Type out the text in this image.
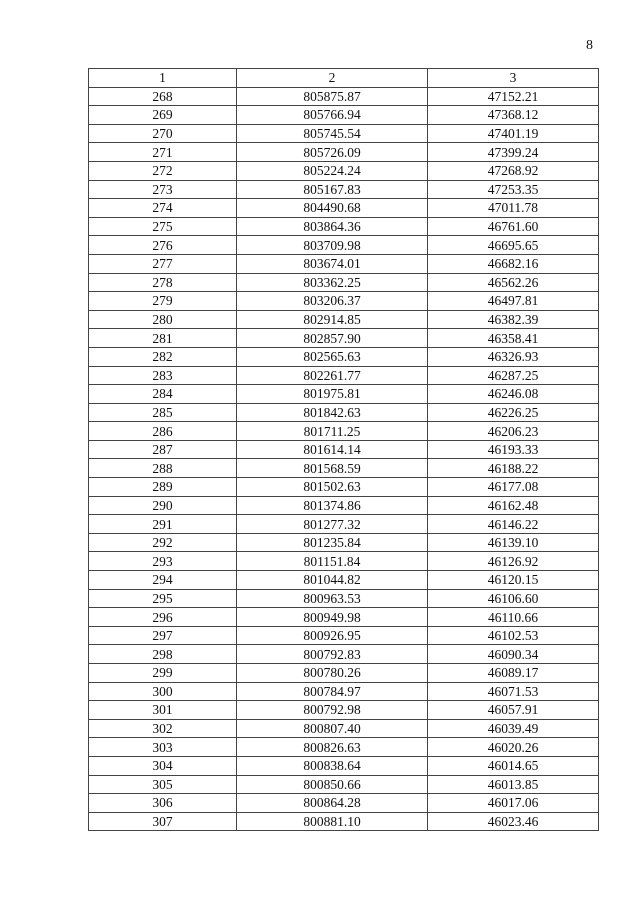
8
1	2	3
268	805875.87	47152.21
269	805766.94	47368.12
270	805745.54	47401.19
271	805726.09	47399.24
272	805224.24	47268.92
273	805167.83	47253.35
274	804490.68	47011.78
275	803864.36	46761.60
276	803709.98	46695.65
277	803674.01	46682.16
278	803362.25	46562.26
279	803206.37	46497.81
280	802914.85	46382.39
281	802857.90	46358.41
282	802565.63	46326.93
283	802261.77	46287.25
284	801975.81	46246.08
285	801842.63	46226.25
286	801711.25	46206.23
287	801614.14	46193.33
288	801568.59	46188.22
289	801502.63	46177.08
290	801374.86	46162.48
291	801277.32	46146.22
292	801235.84	46139.10
293	801151.84	46126.92
294	801044.82	46120.15
295	800963.53	46106.60
296	800949.98	46110.66
297	800926.95	46102.53
298	800792.83	46090.34
299	800780.26	46089.17
300	800784.97	46071.53
301	800792.98	46057.91
302	800807.40	46039.49
303	800826.63	46020.26
304	800838.64	46014.65
305	800850.66	46013.85
306	800864.28	46017.06
307	800881.10	46023.46
